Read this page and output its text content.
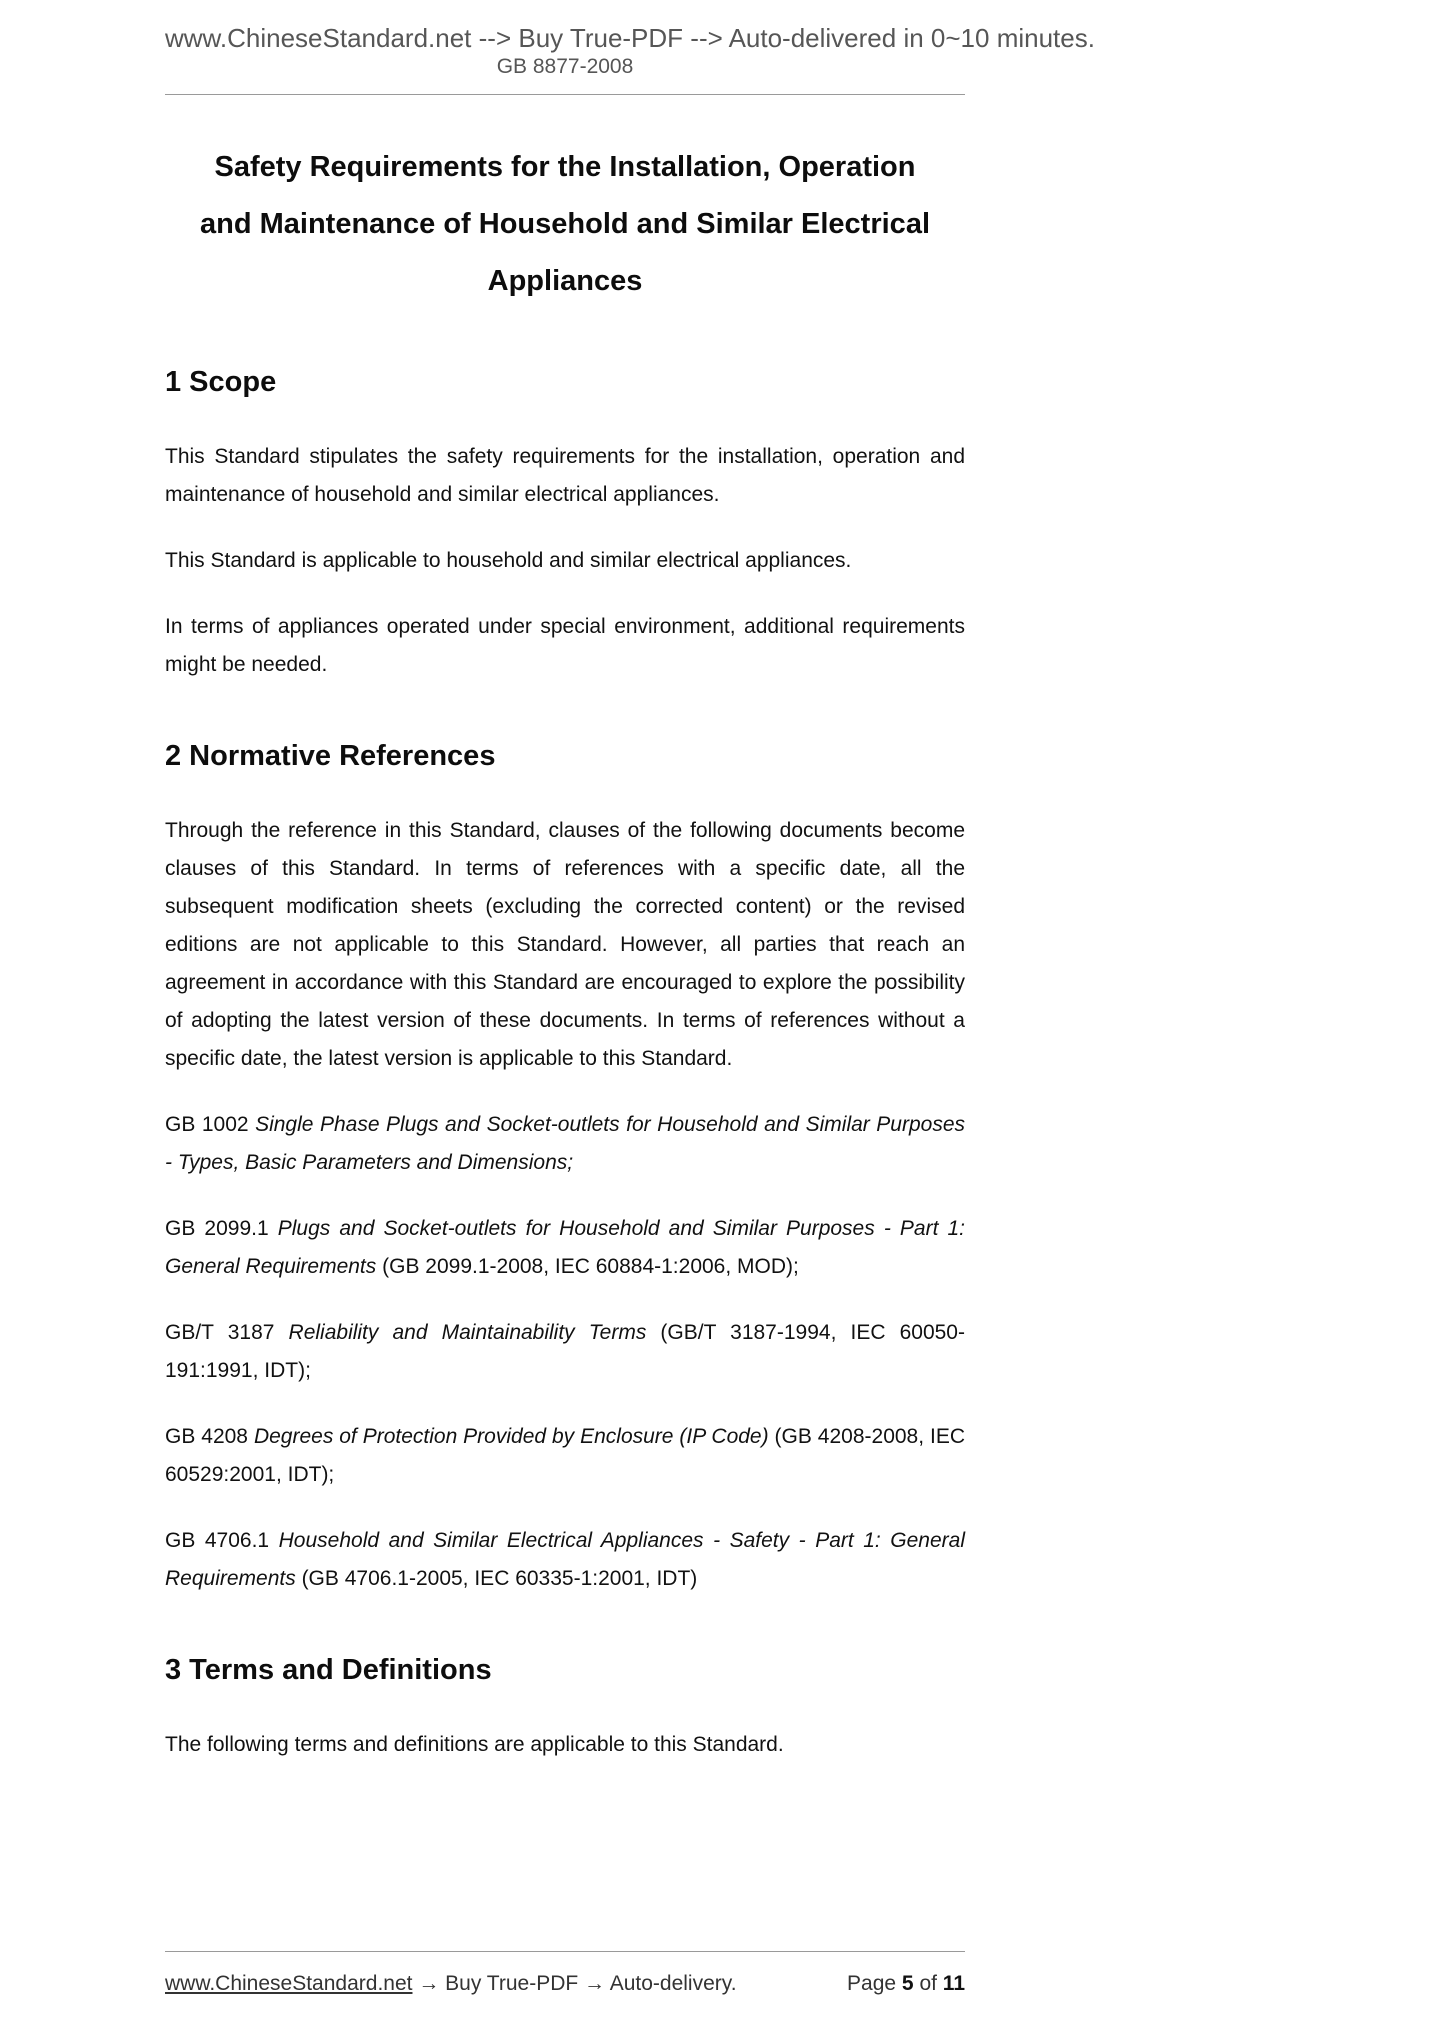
www.ChineseStandard.net --> Buy True-PDF --> Auto-delivered in 0~10 minutes.
GB 8877-2008
Safety Requirements for the Installation, Operation
and Maintenance of Household and Similar Electrical
Appliances
1 Scope

This Standard stipulates the safety requirements for the installation, operation and maintenance of household and similar electrical appliances.

This Standard is applicable to household and similar electrical appliances.

In terms of appliances operated under special environment, additional requirements might be needed.

2 Normative References

Through the reference in this Standard, clauses of the following documents become clauses of this Standard. In terms of references with a specific date, all the subsequent modification sheets (excluding the corrected content) or the revised editions are not applicable to this Standard. However, all parties that reach an agreement in accordance with this Standard are encouraged to explore the possibility of adopting the latest version of these documents. In terms of references without a specific date, the latest version is applicable to this Standard.

GB 1002 Single Phase Plugs and Socket-outlets for Household and Similar Purposes - Types, Basic Parameters and Dimensions;

GB 2099.1 Plugs and Socket-outlets for Household and Similar Purposes - Part 1: General Requirements (GB 2099.1-2008, IEC 60884-1:2006, MOD);

GB/T 3187 Reliability and Maintainability Terms (GB/T 3187-1994, IEC 60050-191:1991, IDT);

GB 4208 Degrees of Protection Provided by Enclosure (IP Code) (GB 4208-2008, IEC 60529:2001, IDT);

GB 4706.1 Household and Similar Electrical Appliances - Safety - Part 1: General Requirements (GB 4706.1-2005, IEC 60335-1:2001, IDT)

3 Terms and Definitions

The following terms and definitions are applicable to this Standard.

www.ChineseStandard.net → Buy True-PDF → Auto-delivery.	Page 5 of 11
